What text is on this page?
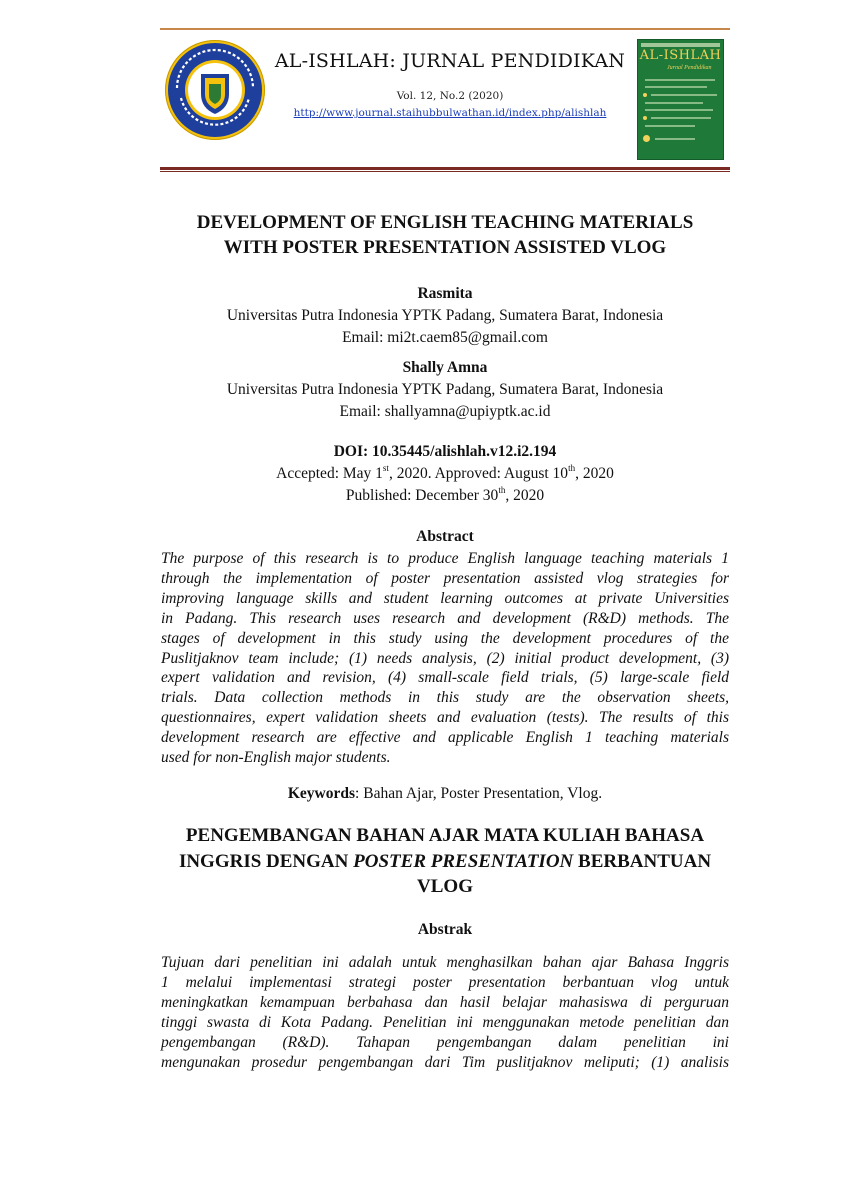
AL-ISHLAH: JURNAL PENDIDIKAN
Vol. 12, No.2 (2020)
http://www.journal.staihubbulwathan.id/index.php/alishlah
AL-ISHLAH
Jurnal Pendidikan
DEVELOPMENT OF ENGLISH TEACHING MATERIALS
WITH POSTER PRESENTATION ASSISTED VLOG
Rasmita
Universitas Putra Indonesia YPTK Padang, Sumatera Barat, Indonesia
Email: mi2t.caem85@gmail.com
Shally Amna
Universitas Putra Indonesia YPTK Padang, Sumatera Barat, Indonesia
Email: shallyamna@upiyptk.ac.id
DOI: 10.35445/alishlah.v12.i2.194
Accepted: May 1st, 2020. Approved: August 10th, 2020
Published: December 30th, 2020
Abstract
The purpose of this research is to produce English language teaching materials 1
through the implementation of poster presentation assisted vlog strategies for
improving language skills and student learning outcomes at private Universities
in Padang. This research uses research and development (R&D) methods. The
stages of development in this study using the development procedures of the
Puslitjaknov team include; (1) needs analysis, (2) initial product development, (3)
expert validation and revision, (4) small-scale field trials, (5) large-scale field
trials. Data collection methods in this study are the observation sheets,
questionnaires, expert validation sheets and evaluation (tests). The results of this
development research are effective and applicable English 1 teaching materials
used for non-English major students.
Keywords: Bahan Ajar, Poster Presentation, Vlog.
PENGEMBANGAN BAHAN AJAR MATA KULIAH BAHASA
INGGRIS DENGAN POSTER PRESENTATION BERBANTUAN
VLOG
Abstrak
Tujuan dari penelitian ini adalah untuk menghasilkan bahan ajar Bahasa Inggris
1 melalui implementasi strategi poster presentation berbantuan vlog untuk
meningkatkan kemampuan berbahasa dan hasil belajar mahasiswa di perguruan
tinggi swasta di Kota Padang. Penelitian ini menggunakan metode penelitian dan
pengembangan (R&D). Tahapan pengembangan dalam penelitian ini
mengunakan prosedur pengembangan dari Tim puslitjaknov meliputi; (1) analisis
